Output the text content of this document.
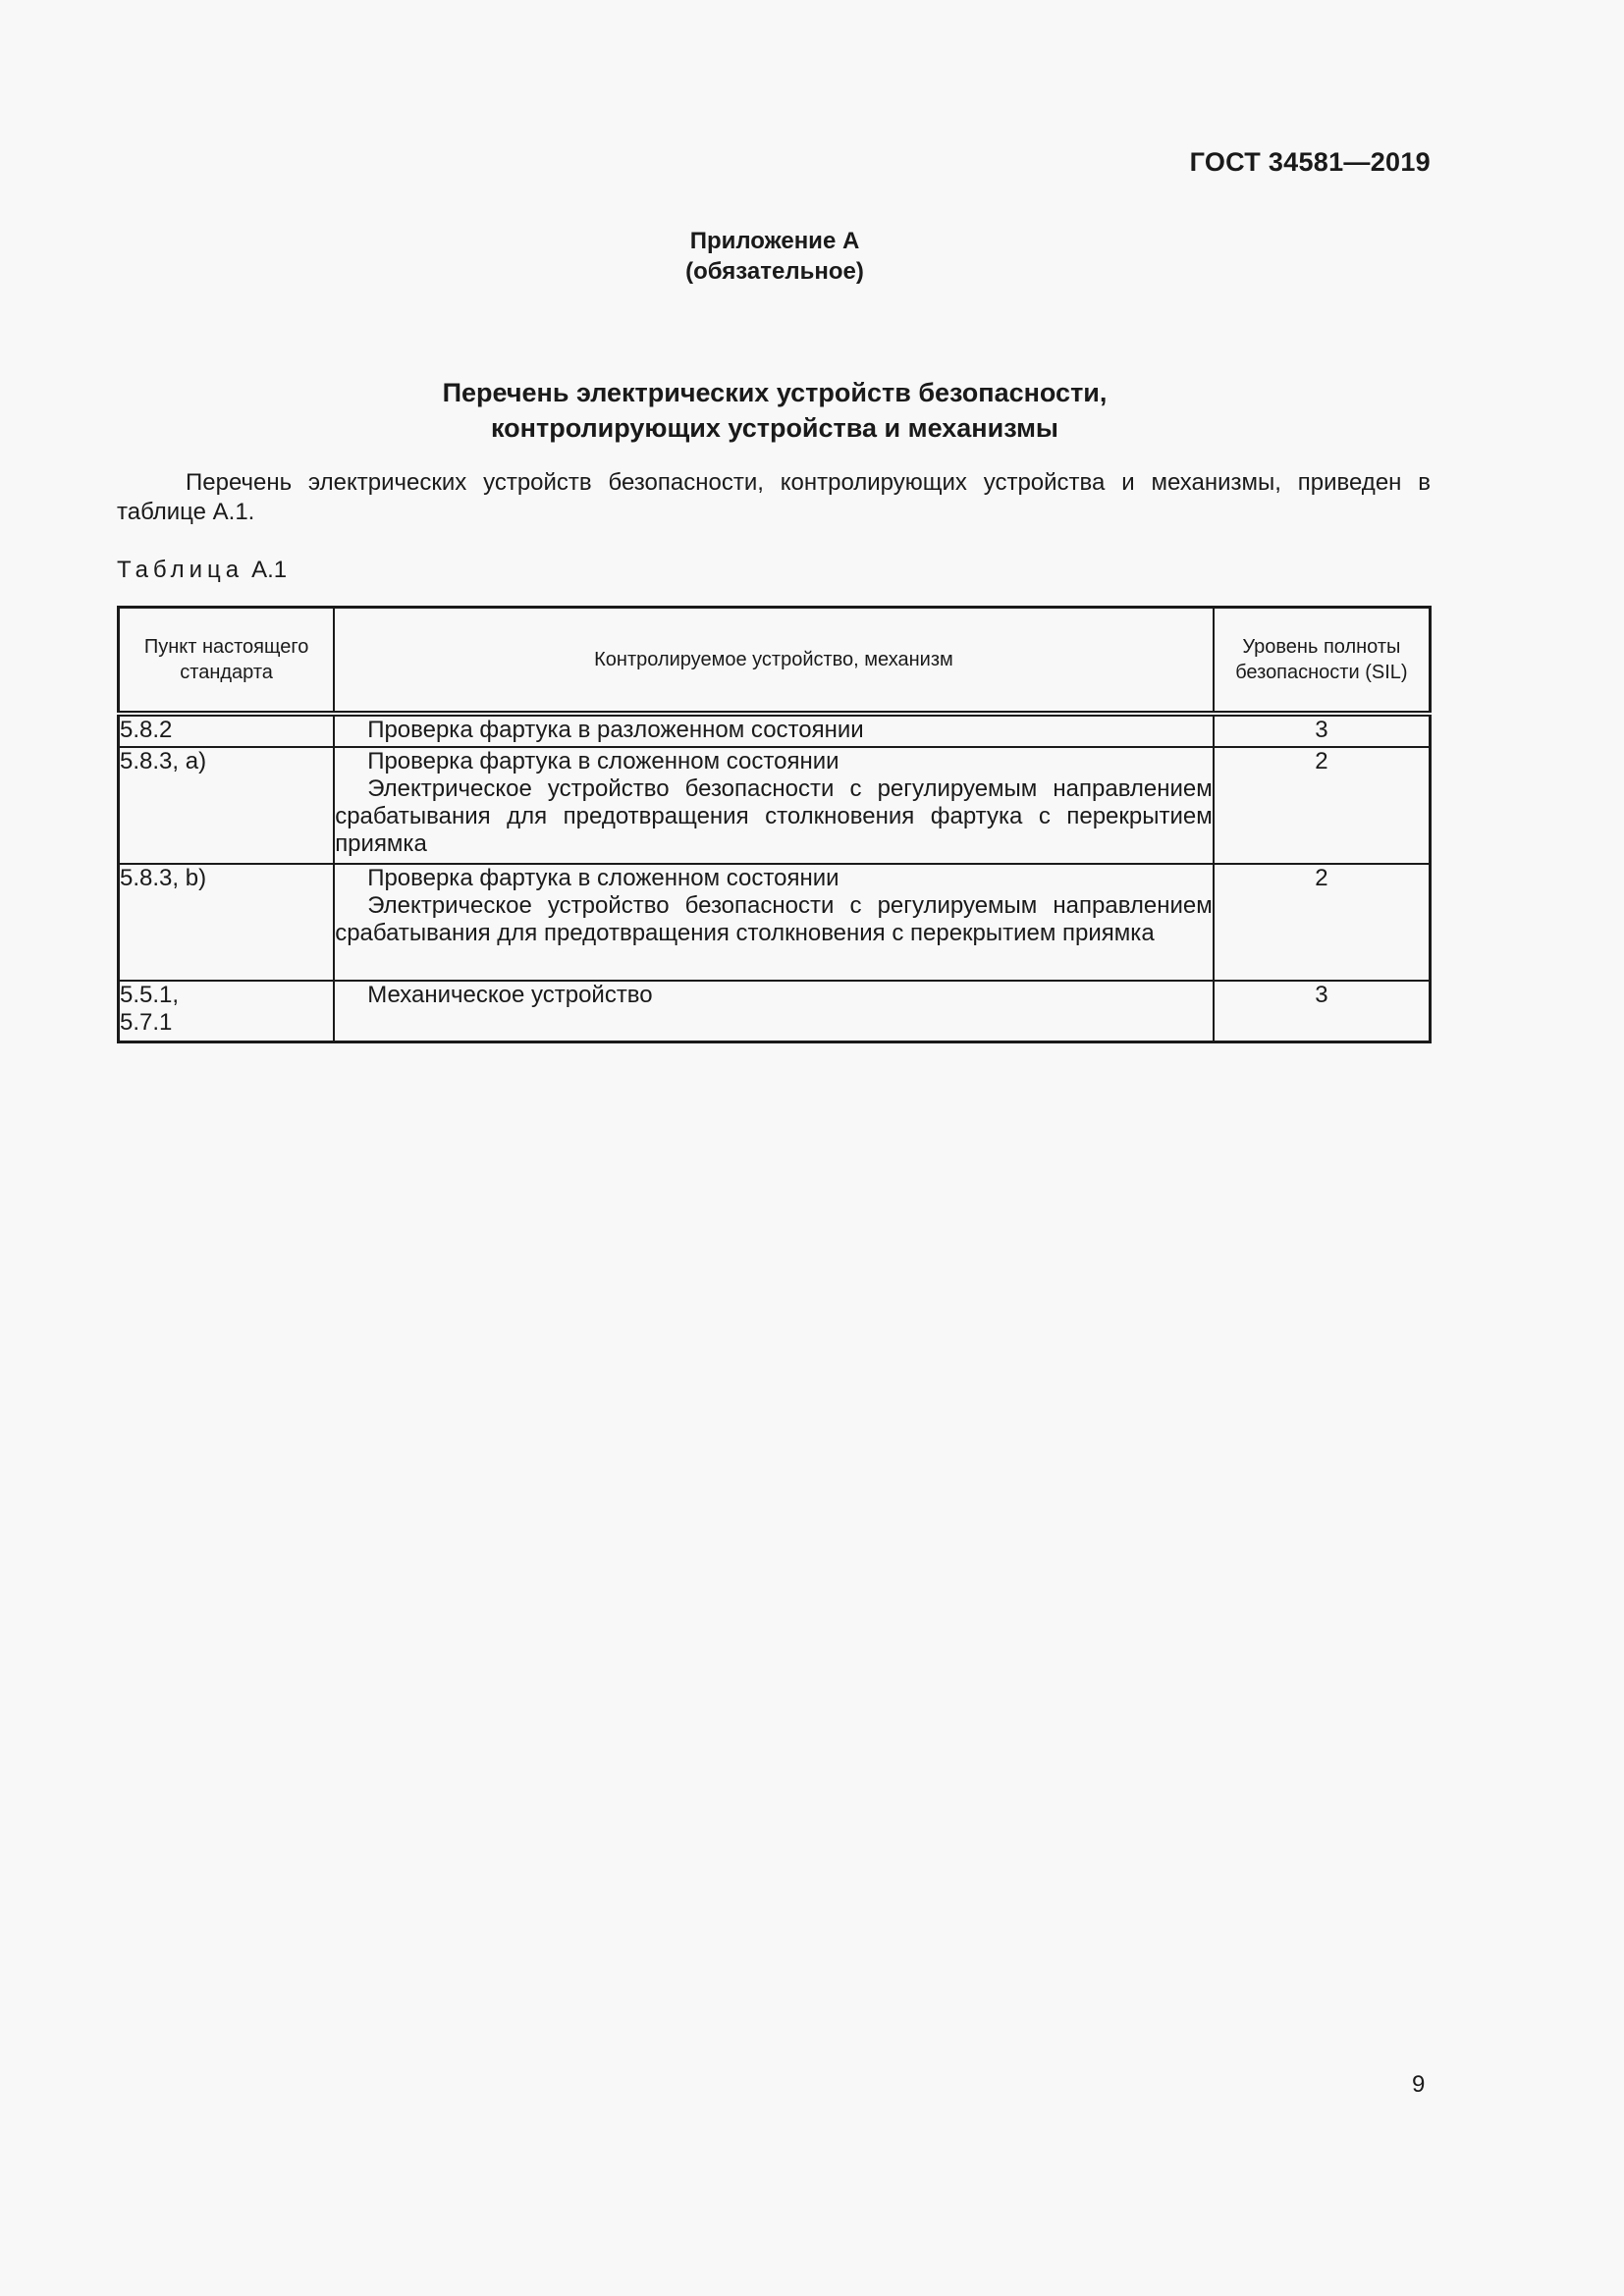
ГОСТ 34581—2019
Приложение А
(обязательное)
Перечень электрических устройств безопасности,
контролирующих устройства и механизмы

Перечень электрических устройств безопасности, контролирующих устройства и механизмы, приведен в таблице А.1.

Таблица А.1
Пункт настоящего стандарта	Контролируемое устройство, механизм	Уровень полноты безопасности (SIL)
5.8.2	Проверка фартука в разложенном состоянии	3
5.8.3, a)	Проверка фартука в сложенном состоянии

Электрическое устройство безопасности с регулируемым направлением срабатывания для предотвращения столкновения фартука с перекрытием приямка	2
5.8.3, b)	Проверка фартука в сложенном состоянии

Электрическое устройство безопасности с регулируемым направлением срабатывания для предотвращения столкновения с перекрытием приямка	2

5.5.1,
5.7.1	Механическое устройство	3
9
